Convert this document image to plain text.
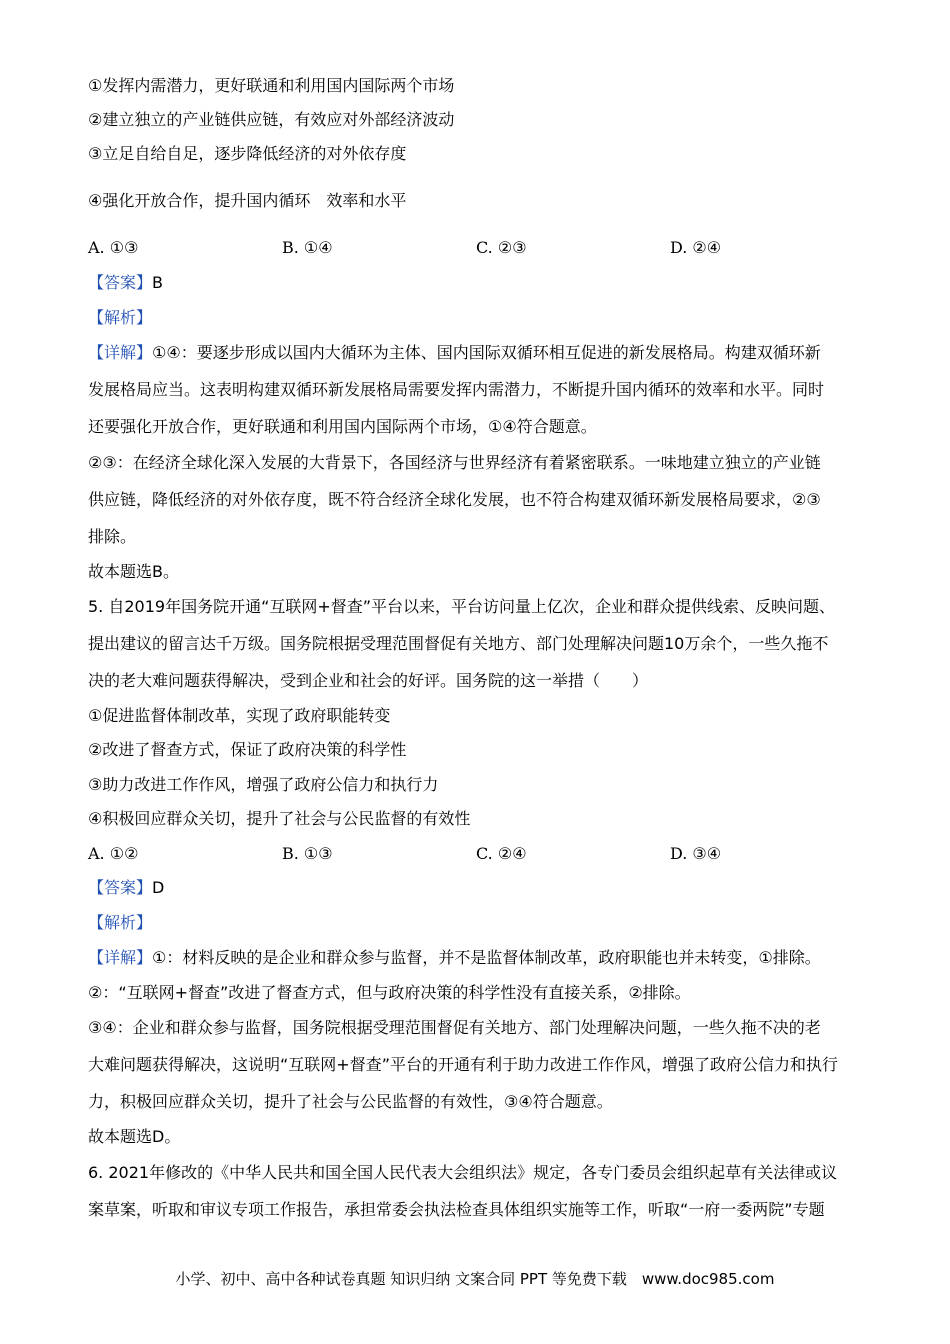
①发挥内需潜力，更好联通和利用国内国际两个市场
②建立独立的产业链供应链，有效应对外部经济波动
③立足自给自足，逐步降低经济的对外依存度
④强化开放合作，提升国内循环　效率和水平
A. ①③	B. ①④	C. ②③	D. ②④
【答案】B
【解析】
【详解】①④：要逐步形成以国内大循环为主体、国内国际双循环相互促进的新发展格局。构建双循环新
发展格局应当。这表明构建双循环新发展格局需要发挥内需潜力，不断提升国内循环的效率和水平。同时
还要强化开放合作，更好联通和利用国内国际两个市场，①④符合题意。
②③：在经济全球化深入发展的大背景下，各国经济与世界经济有着紧密联系。一味地建立独立的产业链
供应链，降低经济的对外依存度，既不符合经济全球化发展，也不符合构建双循环新发展格局要求，②③
排除。
故本题选B。
5. 自2019年国务院开通“互联网+督查”平台以来，平台访问量上亿次，企业和群众提供线索、反映问题、
提出建议的留言达千万级。国务院根据受理范围督促有关地方、部门处理解决问题10万余个，一些久拖不
决的老大难问题获得解决，受到企业和社会的好评。国务院的这一举措（　　）
①促进监督体制改革，实现了政府职能转变
②改进了督查方式，保证了政府决策的科学性
③助力改进工作作风，增强了政府公信力和执行力
④积极回应群众关切，提升了社会与公民监督的有效性
A. ①②	B. ①③	C. ②④	D. ③④
【答案】D
【解析】
【详解】①：材料反映的是企业和群众参与监督，并不是监督体制改革，政府职能也并未转变，①排除。
②：“互联网+督查”改进了督查方式，但与政府决策的科学性没有直接关系，②排除。
③④：企业和群众参与监督，国务院根据受理范围督促有关地方、部门处理解决问题，一些久拖不决的老
大难问题获得解决，这说明“互联网+督查”平台的开通有利于助力改进工作作风，增强了政府公信力和执行
力，积极回应群众关切，提升了社会与公民监督的有效性，③④符合题意。
故本题选D。
6. 2021年修改的《中华人民共和国全国人民代表大会组织法》规定，各专门委员会组织起草有关法律或议
案草案，听取和审议专项工作报告，承担常委会执法检查具体组织实施等工作，听取“一府一委两院”专题
小学、初中、高中各种试卷真题 知识归纳 文案合同 PPT 等免费下载　www.doc985.com
